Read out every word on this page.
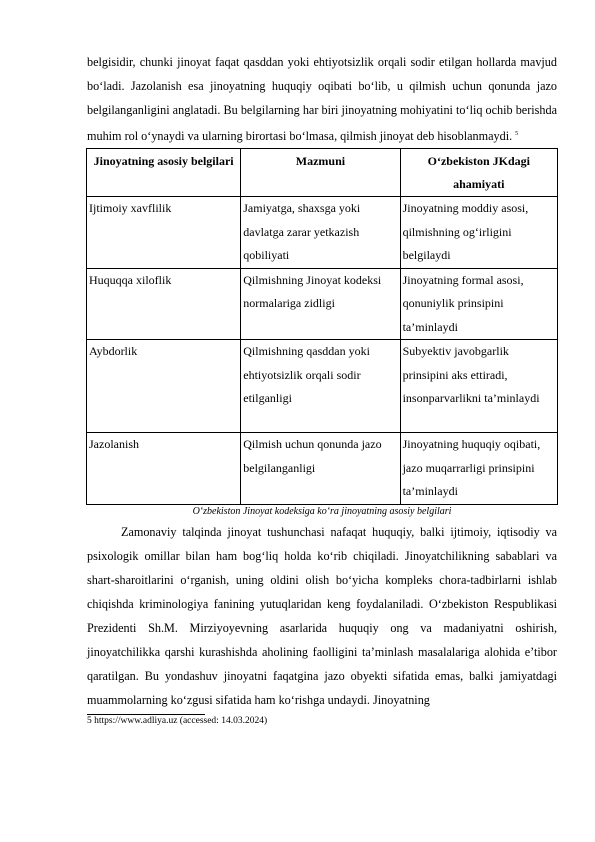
belgisidir, chunki jinoyat faqat qasddan yoki ehtiyotsizlik orqali sodir etilgan hollarda mavjud bo‘ladi. Jazolanish esa jinoyatning huquqiy oqibati bo‘lib, u qilmish uchun qonunda jazo belgilanganligini anglatadi. Bu belgilarning har biri jinoyatning mohiyatini to‘liq ochib berishda muhim rol o‘ynaydi va ularning birortasi bo‘lmasa, qilmish jinoyat deb hisoblanmaydi. $^5$

Jinoyatning asosiy belgilari	Mazmuni	O‘zbekiston JKdagi ahamiyati
Ijtimoiy xavflilik	Jamiyatga, shaxsga yoki davlatga zarar yetkazish qobiliyati	Jinoyatning moddiy asosi, qilmishning og‘irligini belgilaydi
Huquqqa xiloflik	Qilmishning Jinoyat kodeksi normalariga zidligi	Jinoyatning formal asosi, qonuniylik prinsipini ta’minlaydi
Aybdorlik	Qilmishning qasddan yoki ehtiyotsizlik orqali sodir etilganligi	Subyektiv javobgarlik prinsipini aks ettiradi, insonparvarlikni ta’minlaydi
Jazolanish	Qilmish uchun qonunda jazo belgilanganligi	Jinoyatning huquqiy oqibati, jazo muqarrarligi prinsipini ta’minlaydi

O‘zbekiston Jinoyat kodeksiga ko‘ra jinoyatning asosiy belgilari

Zamonaviy talqinda jinoyat tushunchasi nafaqat huquqiy, balki ijtimoiy, iqtisodiy va psixologik omillar bilan ham bog‘liq holda ko‘rib chiqiladi. Jinoyatchilikning sabablari va shart-sharoitlarini o‘rganish, uning oldini olish bo‘yicha kompleks chora-tadbirlarni ishlab chiqishda kriminologiya fanining yutuqlaridan keng foydalaniladi. O‘zbekiston Respublikasi Prezidenti Sh.M. Mirziyoyevning asarlarida huquqiy ong va madaniyatni oshirish, jinoyatchilikka qarshi kurashishda aholining faolligini ta’minlash masalalariga alohida e’tibor qaratilgan. Bu yondashuv jinoyatni faqatgina jazo obyekti sifatida emas, balki jamiyatdagi muammolarning ko‘zgusi sifatida ham ko‘rishga undaydi. Jinoyatning

5 https://www.adliya.uz (accessed: 14.03.2024)
